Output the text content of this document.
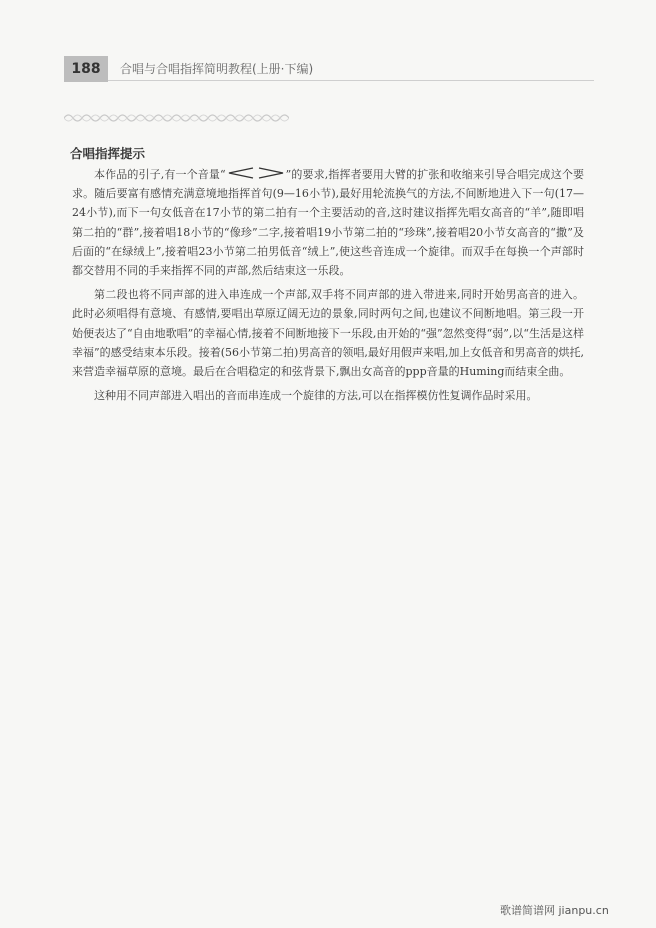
188 合唱与合唱指挥简明教程(上册·下编)
合唱指挥提示

本作品的引子,有一个音量“	”的要求,指挥者要用大臂的扩张和收缩来引导合唱完成这个要求。随后要富有感情充满意境地指挥首句(9—16小节),最好用轮流换气的方法,不间断地进入下一句(17—24小节),而下一句女低音在17小节的第二拍有一个主要活动的音,这时建议指挥先唱女高音的“羊”,随即唱第二拍的“群”,接着唱18小节的“像珍”二字,接着唱19小节第二拍的“珍珠”,接着唱20小节女高音的“撒”及后面的“在绿绒上”,接着唱23小节第二拍男低音“绒上”,使这些音连成一个旋律。而双手在每换一个声部时都交替用不同的手来指挥不同的声部,然后结束这一乐段。

第二段也将不同声部的进入串连成一个声部,双手将不同声部的进入带进来,同时开始男高音的进入。此时必须唱得有意境、有感情,要唱出草原辽阔无边的景象,同时两句之间,也建议不间断地唱。第三段一开始便表达了“自由地歌唱”的幸福心情,接着不间断地接下一乐段,由开始的“强”忽然变得“弱”,以“生活是这样幸福”的感受结束本乐段。接着(56小节第二拍)男高音的领唱,最好用假声来唱,加上女低音和男高音的烘托,来营造幸福草原的意境。最后在合唱稳定的和弦背景下,飘出女高音的ppp音量的Huming而结束全曲。

这种用不同声部进入唱出的音而串连成一个旋律的方法,可以在指挥模仿性复调作品时采用。

歌谱简谱网 jianpu.cn
